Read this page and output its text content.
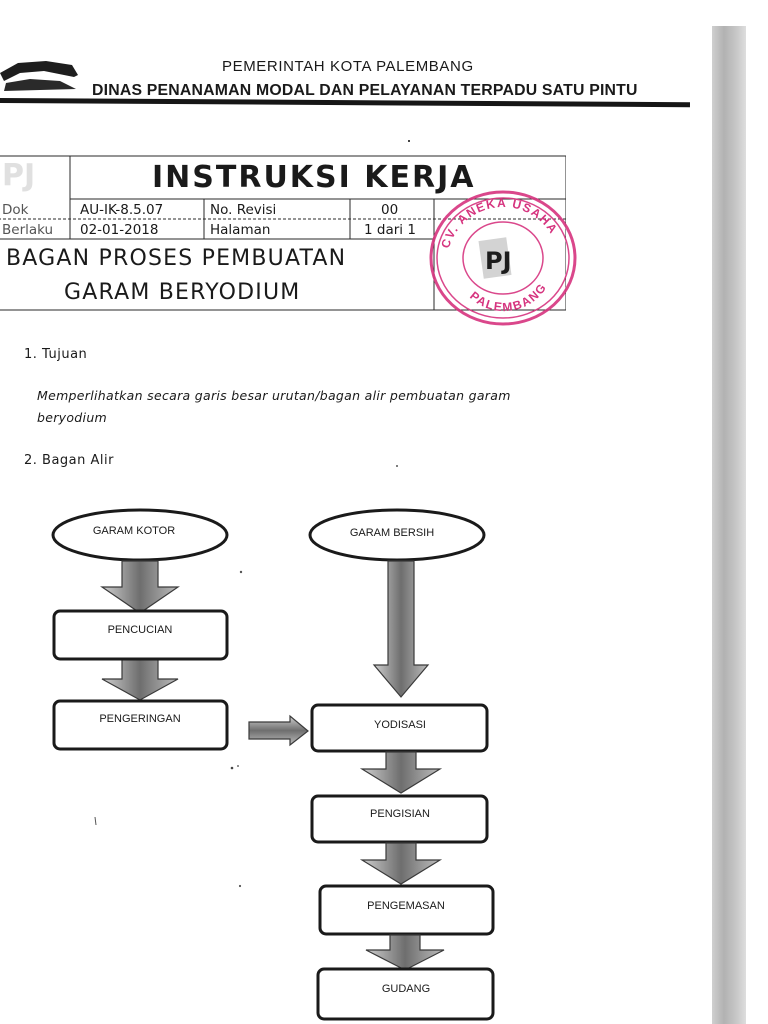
PEMERINTAH KOTA PALEMBANG
DINAS PENANAMAN MODAL DAN PELAYANAN TERPADU SATU PINTU
PJ	INSTRUKSI KERJA
Dok	AU-IK-8.5.07	No. Revisi	00
Berlaku 02-01-2018	Halaman	1 dari 1
BAGAN PROSES PEMBUATAN
GARAM BERYODIUM
CV. ANEKA USAHA
PALEMBANG
PJ
1. Tujuan
Memperlihatkan secara garis besar urutan/bagan alir pembuatan garam
beryodium
2. Bagan Alir
GARAM KOTOR	GARAM BERSIH
PENCUCIAN
PENGERINGAN	YODISASI
PENGISIAN
PENGEMASAN
GUDANG
